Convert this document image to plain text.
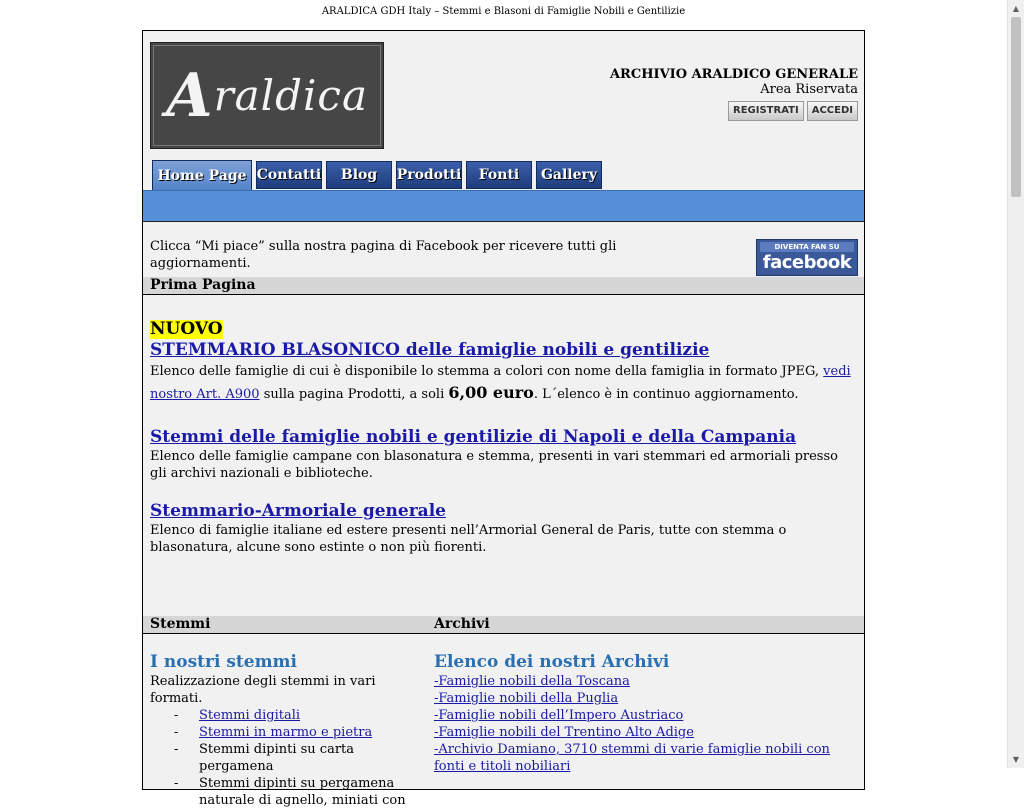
ARALDICA GDH Italy – Stemmi e Blasoni di Famiglie Nobili e Gentilizie
Araldica	ARCHIVIO ARALDICO GENERALE
Area Riservata
REGISTRATI	ACCEDI
Home Page Contatti	Blog	Prodotti	Fonti	Gallery
Clicca “Mi piace” sulla nostra pagina di Facebook per ricevere tutti gli aggiornamenti.
DIVENTA FAN SU
facebook
Prima Pagina
NUOVO
STEMMARIO BLASONICO delle famiglie nobili e gentilizie
Elenco delle famiglie di cui è disponibile lo stemma a colori con nome della famiglia in formato JPEG, vedi nostro Art. A900 sulla pagina Prodotti, a soli 6,00 euro. L´elenco è in continuo aggiornamento.
Stemmi delle famiglie nobili e gentilizie di Napoli e della Campania
Elenco delle famiglie campane con blasonatura e stemma, presenti in vari stemmari ed armoriali presso gli archivi nazionali e biblioteche.
Stemmario-Armoriale generale
Elenco di famiglie italiane ed estere presenti nell’Armorial General de Paris, tutte con stemma o blasonatura, alcune sono estinte o non più fiorenti.
Stemmi	Archivi
I nostri stemmi
Realizzazione degli stemmi in vari formati.
- Stemmi digitali
- Stemmi in marmo e pietra
- Stemmi dipinti su carta pergamena
- Stemmi dipinti su pergamena naturale di agnello, miniati con
Elenco dei nostri Archivi
-Famiglie nobili della Toscana
-Famiglie nobili della Puglia
-Famiglie nobili dell’Impero Austriaco
-Famiglie nobili del Trentino Alto Adige
-Archivio Damiano, 3710 stemmi di varie famiglie nobili con fonti e titoli nobiliari
▲
▼
